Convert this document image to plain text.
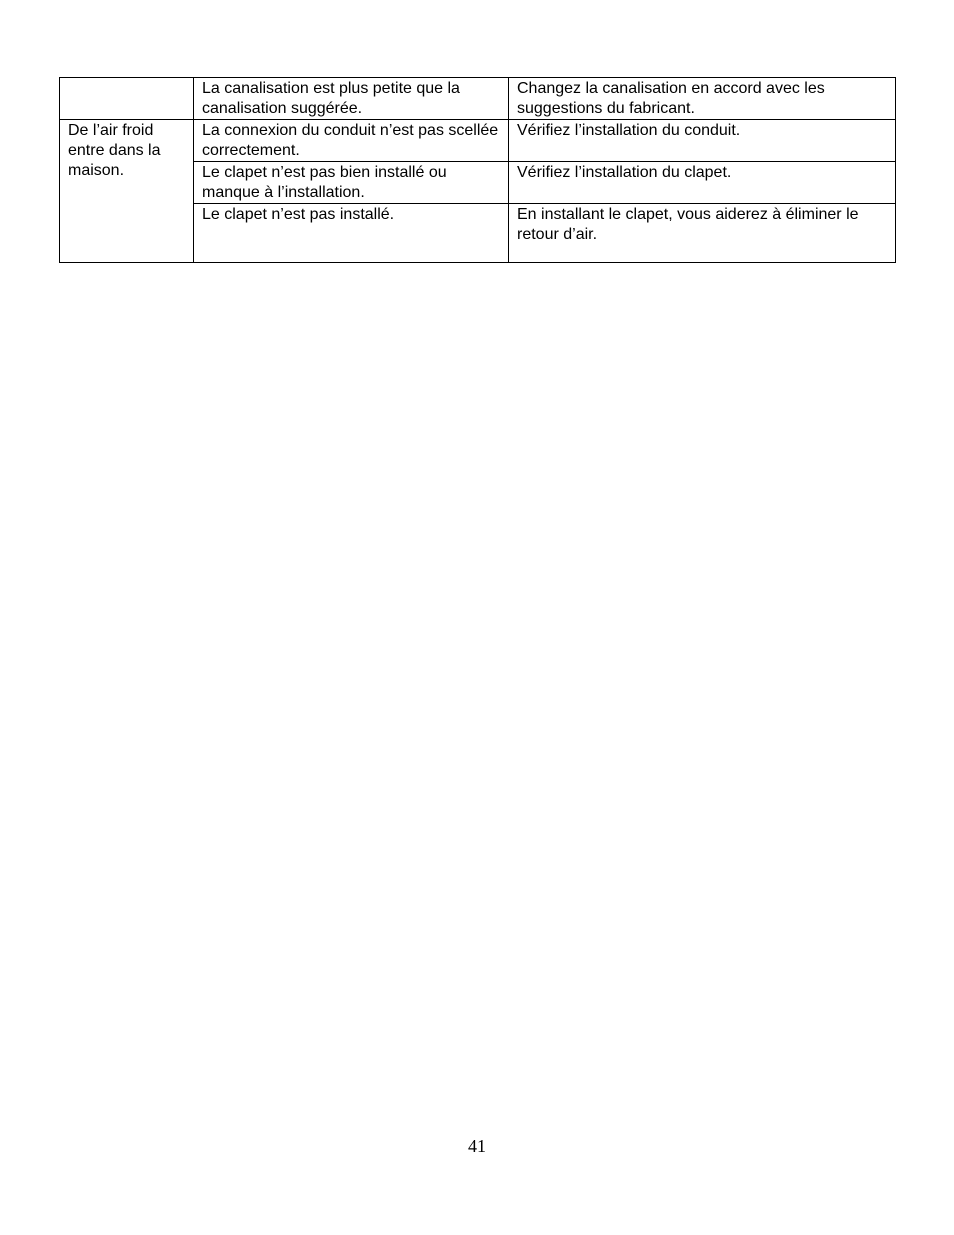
	La canalisation est plus petite que la canalisation suggérée.	Changez la canalisation en accord avec les suggestions du fabricant.
De l’air froid entre dans la maison.	La connexion du conduit n’est pas scellée correctement.	Vérifiez l’installation du conduit.
	Le clapet n’est pas bien installé ou manque à l’installation.	Vérifiez l’installation du clapet.
	Le clapet n’est pas installé.	En installant le clapet, vous aiderez à éliminer le retour d’air.
41
